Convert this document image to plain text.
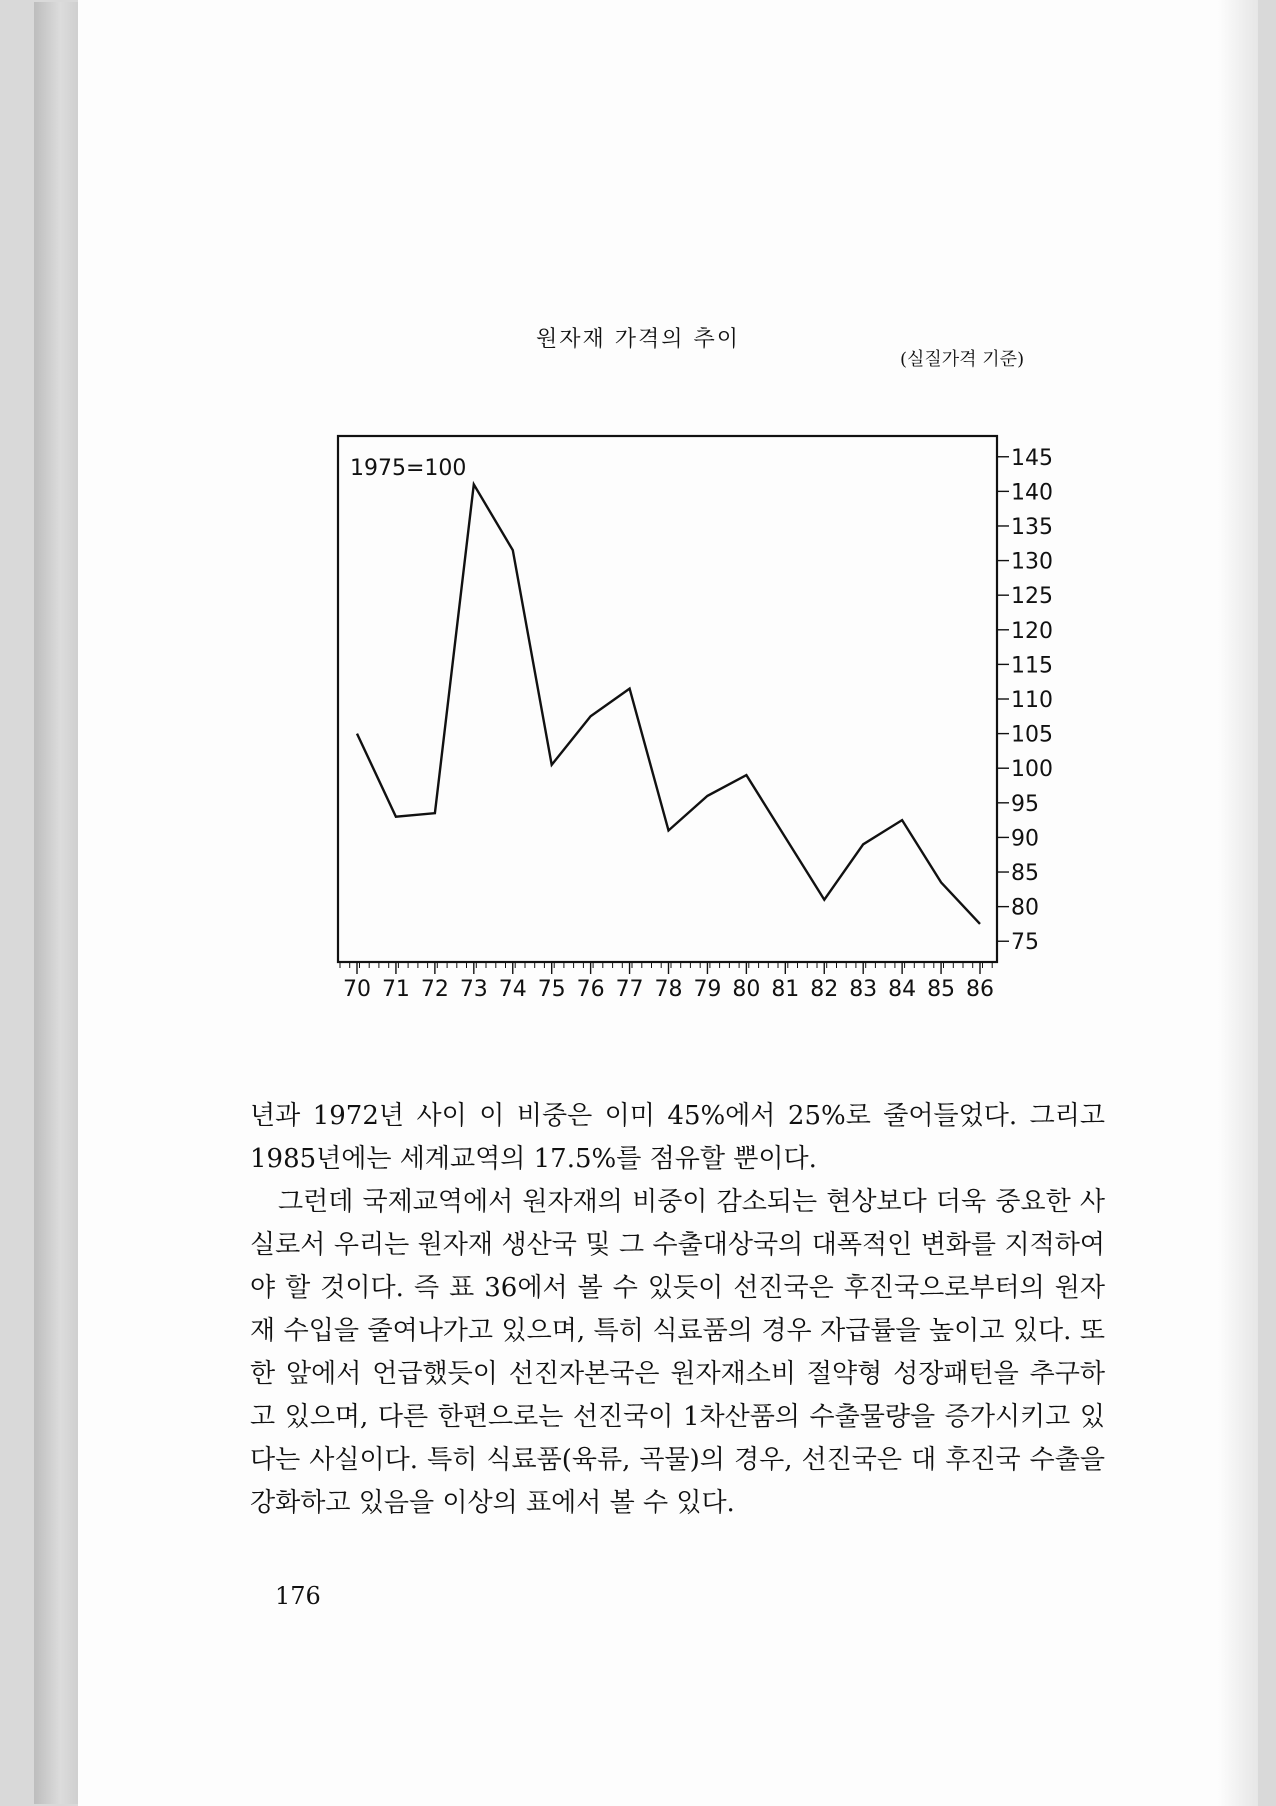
원자재 가격의 추이
(실질가격 기준)
70 71 72 73 74 75 76 77 78 79 80 81 82 83 84 85 86
75
80
85
90
95
100
105
110
115
120
125
130
135
140
145
1975=100

년과 1972년 사이 이 비중은 이미 45%에서 25%로 줄어들었다. 그리고 1985년에는 세계교역의 17.5%를 점유할 뿐이다.

그런데 국제교역에서 원자재의 비중이 감소되는 현상보다 더욱 중요한 사실로서 우리는 원자재 생산국 및 그 수출대상국의 대폭적인 변화를 지적하여야 할 것이다. 즉 표 36에서 볼 수 있듯이 선진국은 후진국으로부터의 원자재 수입을 줄여나가고 있으며, 특히 식료품의 경우 자급률을 높이고 있다. 또한 앞에서 언급했듯이 선진자본국은 원자재소비 절약형 성장패턴을 추구하고 있으며, 다른 한편으로는 선진국이 1차산품의 수출물량을 증가시키고 있다는 사실이다. 특히 식료품(육류, 곡물)의 경우, 선진국은 대 후진국 수출을 강화하고 있음을 이상의 표에서 볼 수 있다.

176
